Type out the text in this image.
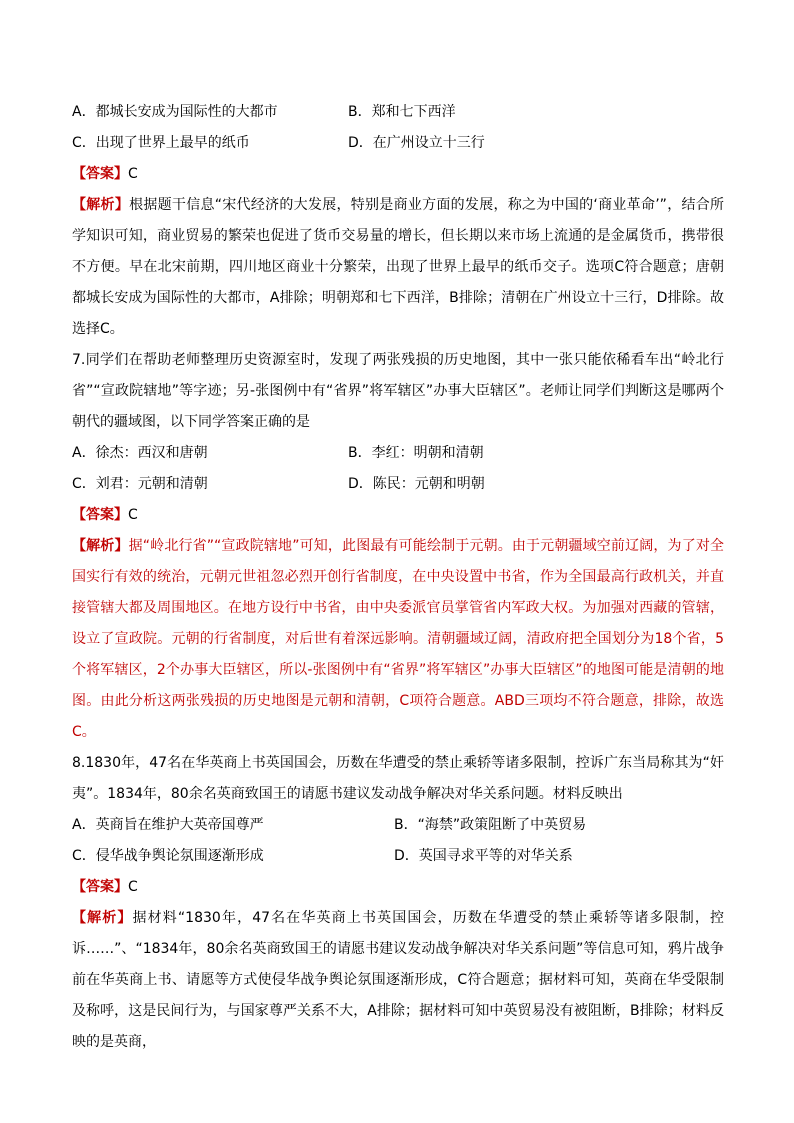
A．都城长安成为国际性的大都市	B．郑和七下西洋
C．出现了世界上最早的纸币	D．在广州设立十三行
【答案】C
【解析】根据题干信息“宋代经济的大发展，特别是商业方面的发展，称之为中国的‘商业革命’”，结合所学知识可知，商业贸易的繁荣也促进了货币交易量的增长，但长期以来市场上流通的是金属货币，携带很不方便。早在北宋前期，四川地区商业十分繁荣，出现了世界上最早的纸币交子。选项C符合题意；唐朝都城长安成为国际性的大都市，A排除；明朝郑和七下西洋，B排除；清朝在广州设立十三行，D排除。故选择C。
7.同学们在帮助老师整理历史资源室时，发现了两张残损的历史地图，其中一张只能依稀看车出“岭北行省”“宣政院辖地”等字迹；另-张图例中有“省界”将军辖区”办事大臣辖区”。老师让同学们判断这是哪两个朝代的疆域图，以下同学答案正确的是
A．徐杰：西汉和唐朝	B．李红：明朝和清朝
C．刘君：元朝和清朝	D．陈民：元朝和明朝
【答案】C
【解析】据“岭北行省”“宣政院辖地”可知，此图最有可能绘制于元朝。由于元朝疆域空前辽阔，为了对全国实行有效的统治，元朝元世祖忽必烈开创行省制度，在中央设置中书省，作为全国最高行政机关，并直接管辖大都及周围地区。在地方设行中书省，由中央委派官员掌管省内军政大权。为加强对西藏的管辖，设立了宣政院。元朝的行省制度，对后世有着深远影响。清朝疆域辽阔，清政府把全国划分为18个省，5个将军辖区，2个办事大臣辖区，所以-张图例中有“省界”将军辖区”办事大臣辖区”的地图可能是清朝的地图。由此分析这两张残损的历史地图是元朝和清朝，C项符合题意。ABD三项均不符合题意，排除，故选C。
8.1830年，47名在华英商上书英国国会，历数在华遭受的禁止乘轿等诸多限制，控诉广东当局称其为“奸夷”。1834年，80余名英商致国王的请愿书建议发动战争解决对华关系问题。材料反映出
A．英商旨在维护大英帝国尊严	B．“海禁”政策阻断了中英贸易
C．侵华战争舆论氛围逐渐形成	D．英国寻求平等的对华关系
【答案】C
【解析】据材料“1830年，47名在华英商上书英国国会，历数在华遭受的禁止乘轿等诸多限制，控诉……”、“1834年，80余名英商致国王的请愿书建议发动战争解决对华关系问题”等信息可知，鸦片战争前在华英商上书、请愿等方式使侵华战争舆论氛围逐渐形成，C符合题意；据材料可知，英商在华受限制及称呼，这是民间行为，与国家尊严关系不大，A排除；据材料可知中英贸易没有被阻断，B排除；材料反映的是英商，
